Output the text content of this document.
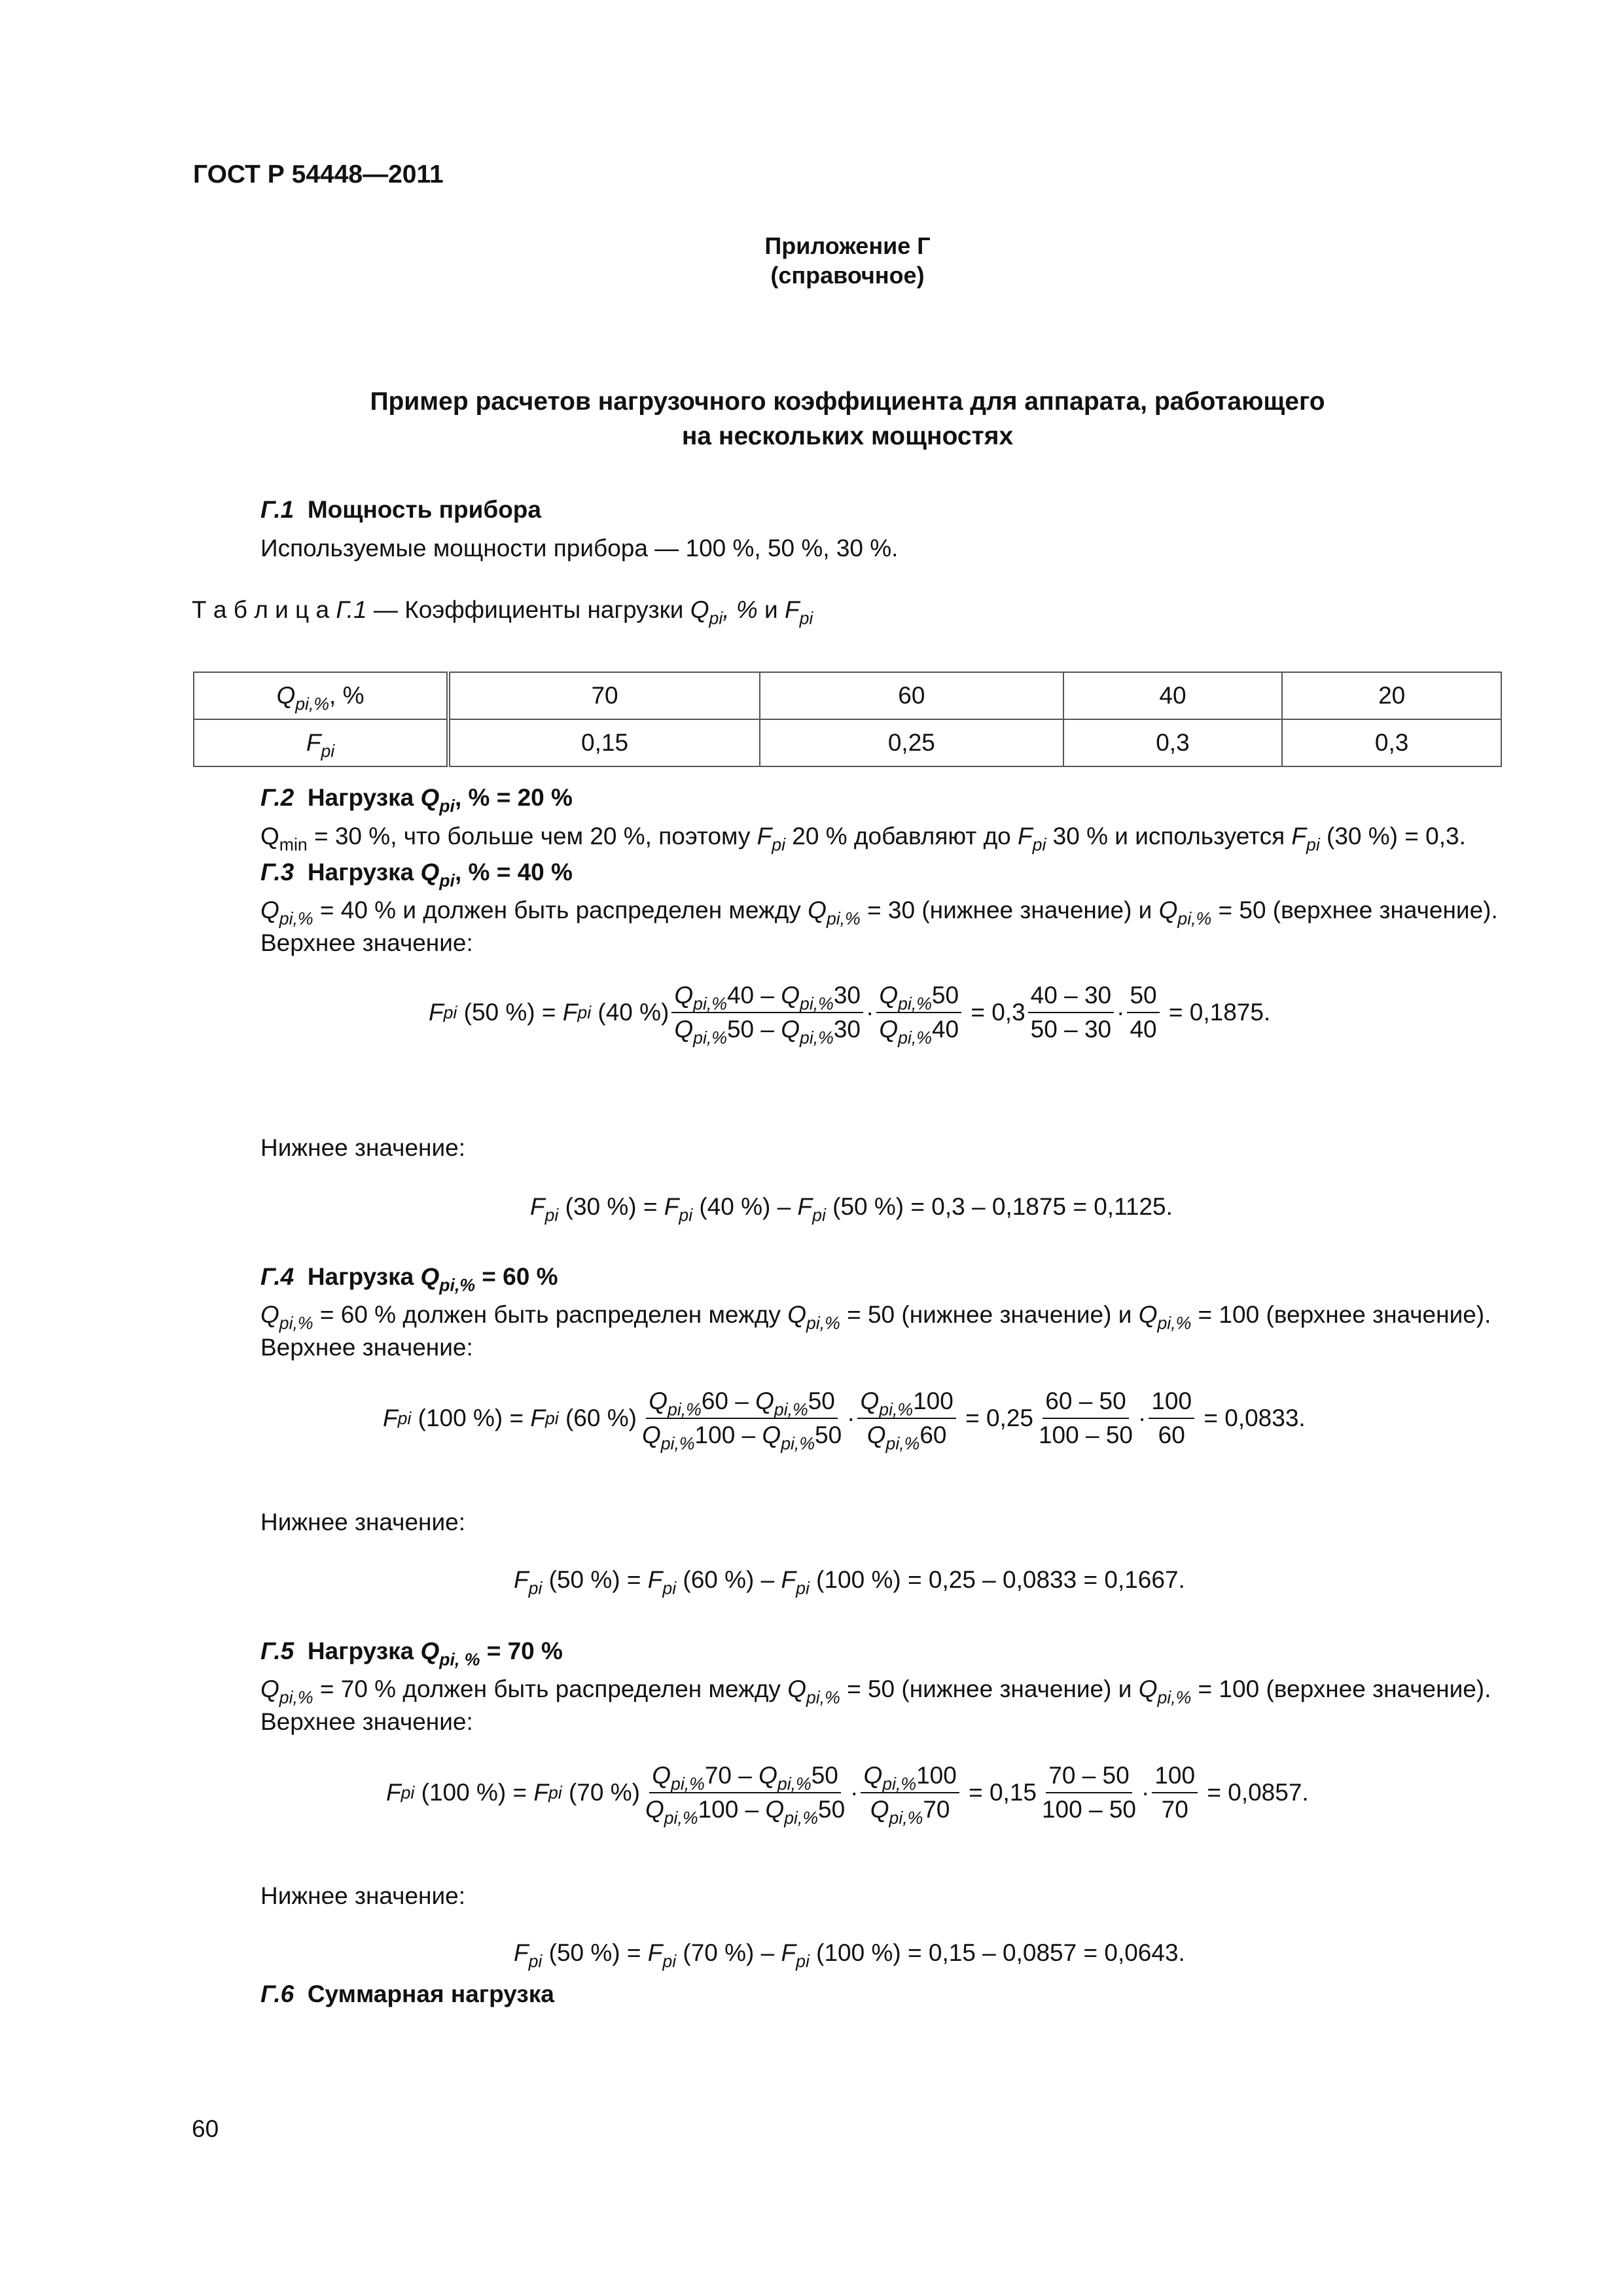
ГОСТ Р 54448—2011
Приложение Г
(справочное)
Пример расчетов нагрузочного коэффициента для аппарата, работающего
на нескольких мощностях
Г.1 Мощность прибора
Используемые мощности прибора — 100 %, 50 %, 30 %.
Т а б л и ц а Г.1 — Коэффициенты нагрузки $Q_{pi}$, % и $F_{pi}$
$Q_{pi,\%}$, %	70	60	40	20
$F_{pi}$	0,15	0,25	0,3	0,3
Г.2 Нагрузка $Q_{pi}$, % = 20 %
$Q_{min} = 30$ %, что больше чем 20 %, поэтому $F_{pi}$ 20 % добавляют до $F_{pi}$ 30 % и используется $F_{pi}$ (30 %) = 0,3.
Г.3 Нагрузка $Q_{pi}$, % = 40 %
$Q_{pi,\%} = 40$ % и должен быть распределен между $Q_{pi,\%} = 30$ (нижнее значение) и $Q_{pi,\%} = 50$ (верхнее значение).
Верхнее значение:
F pi
(50 %) =
F pi
(40 %) $\frac{Q_{pi,\%}40 - Q_{pi,\%}30}{Q_{pi,\%}50 - Q_{pi,\%}30} \cdot \frac{Q_{pi,\%}50}{Q_{pi,\%}40}$
= $0,3 \frac{40 - 30}{50 - 30} \cdot \frac{50}{40}$
= 0,1875.
Нижнее значение:
$F_{pi}$ (30 %) = $F_{pi}$ (40 %) – $F_{pi}$ (50 %) = 0,3 – 0,1875 = 0,1125.
Г.4 Нагрузка $Q_{pi,\%} = 60$ %
$Q_{pi,\%} = 60$ % должен быть распределен между $Q_{pi,\%} = 50$ (нижнее значение) и $Q_{pi,\%} = 100$ (верхнее значение).
Верхнее значение:
F pi
(100 %) =
F pi
(60 %) $\frac{Q_{pi,\%}60 - Q_{pi,\%}50}{Q_{pi,\%}100 - Q_{pi,\%}50} \cdot \frac{Q_{pi,\%}100}{Q_{pi,\%}60}$
= $0,25 \frac{60 - 50}{100 - 50} \cdot \frac{100}{60}$
= 0,0833.
Нижнее значение:
$F_{pi}$ (50 %) = $F_{pi}$ (60 %) – $F_{pi}$ (100 %) = 0,25 – 0,0833 = 0,1667.
Г.5 Нагрузка $Q_{pi, \%} = 70$ %
$Q_{pi,\%} = 70$ % должен быть распределен между $Q_{pi,\%} = 50$ (нижнее значение) и $Q_{pi,\%} = 100$ (верхнее значение).
Верхнее значение:
F pi
(100 %) =
F pi
(70 %) $\frac{Q_{pi,\%}70 - Q_{pi,\%}50}{Q_{pi,\%}100 - Q_{pi,\%}50} \cdot \frac{Q_{pi,\%}100}{Q_{pi,\%}70}$
= $0,15 \frac{70 - 50}{100 - 50} \cdot \frac{100}{70}$
= 0,0857.
Нижнее значение:
$F_{pi}$ (50 %) = $F_{pi}$ (70 %) – $F_{pi}$ (100 %) = 0,15 – 0,0857 = 0,0643.
Г.6 Суммарная нагрузка
60
